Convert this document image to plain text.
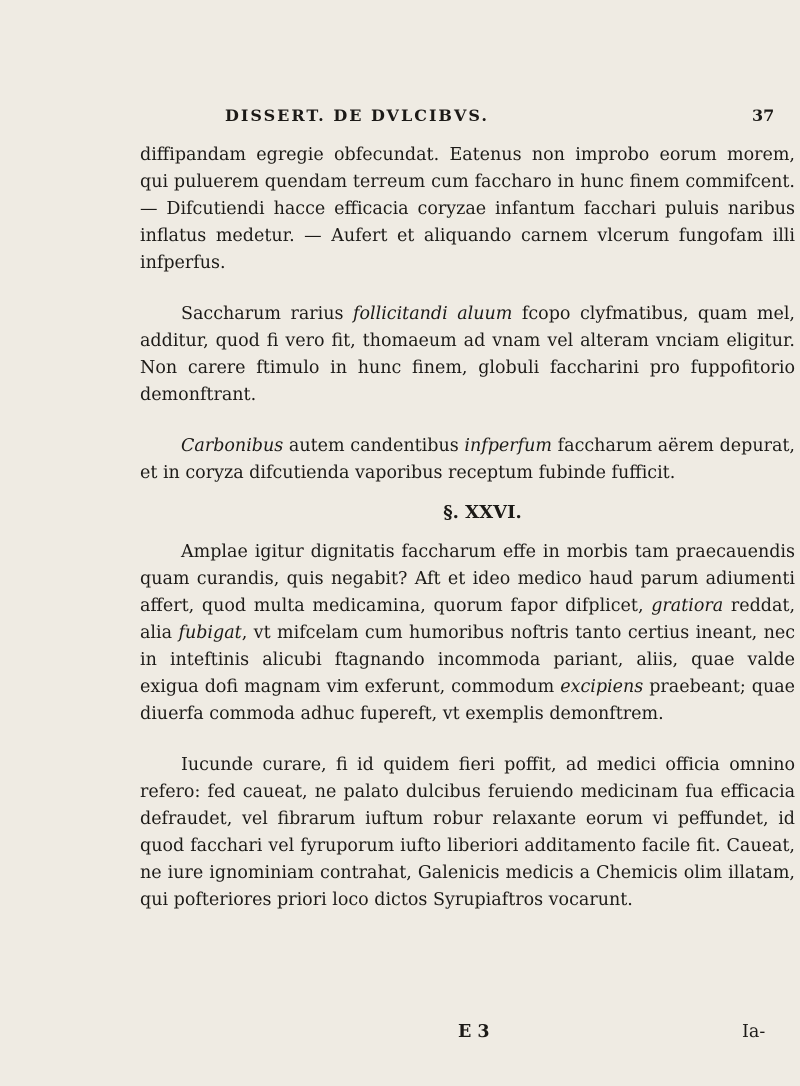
DISSERT. DE DVLCIBVS.	37

diffipandam egregie obfecundat. Eatenus non improbo eorum morem, qui puluerem quendam terreum cum faccharo in hunc finem commifcent. — Difcutiendi hacce efficacia coryzae infantum facchari puluis naribus inflatus medetur. — Aufert et aliquando carnem vlcerum fungofam illi infperfus.

Saccharum rarius follicitandi aluum fcopo clyfmatibus, quam mel, additur, quod fi vero fit, thomaeum ad vnam vel alteram vnciam eligitur. Non carere ftimulo in hunc finem, globuli faccharini pro fuppofitorio demonftrant.

Carbonibus autem candentibus infperfum faccharum aërem depurat, et in coryza difcutienda vaporibus receptum fubinde fufficit.

§. XXVI.

Amplae igitur dignitatis faccharum effe in morbis tam praecauendis quam curandis, quis negabit? Aft et ideo medico haud parum adiumenti affert, quod multa medicamina, quorum fapor difplicet, gratiora reddat, alia fubigat, vt mifcelam cum humoribus noftris tanto certius ineant, nec in inteftinis alicubi ftagnando incommoda pariant, aliis, quae valde exigua dofi magnam vim exferunt, commodum excipiens praebeant; quae diuerfa commoda adhuc fupereft, vt exemplis demonftrem.

Iucunde curare, fi id quidem fieri poffit, ad medici officia omnino refero: fed caueat, ne palato dulcibus feruiendo medicinam fua efficacia defraudet, vel fibrarum iuftum robur relaxante eorum vi peffundet, id quod facchari vel fyruporum iufto liberiori additamento facile fit. Caueat, ne iure ignominiam contrahat, Galenicis medicis a Chemicis olim illatam, qui pofteriores priori loco dictos Syrupiaftros vocarunt.

E 3	Ia-
